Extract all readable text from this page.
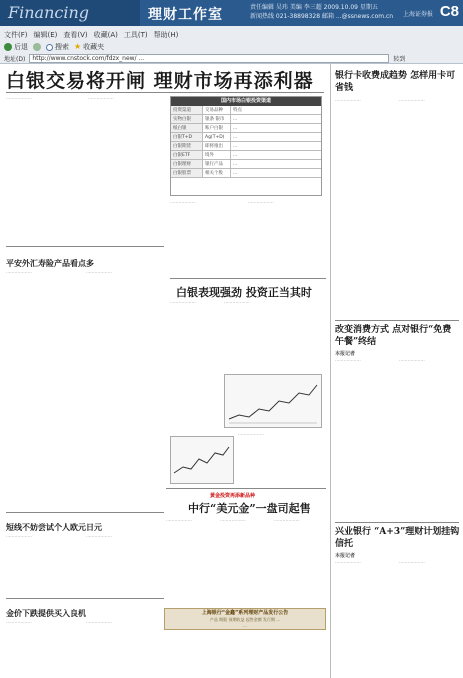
Financing	理财工作室	责任编辑 吴玮 美编 李三超 2009.10.09 星期五
新闻热线 021-38898328 邮箱 ...@ssnews.com.cn	上海证券报 C8
文件(F) 编辑(E) 查看(V) 收藏(A) 工具(T) 帮助(H)
后退	搜索 ★ 收藏夹
地址(D)	http://www.cnstock.com/fdzx_new/ ...	转到
白银交易将开闸 理财市场再添利器
………………	………………	国内市场白银投资渠道
投资渠道	交易品种	特点
实物白银	银条 银币	...
纸白银	账户白银	...
白银T+D	Ag(T+D)	...
白银期货	即将推出	...
白银ETF	境外	...
白银理财	银行产品	...
白银股票	相关个股	...
………………	………………
平安外汇寿险产品看点多
………………	………………
白银表现强劲 投资正当其时
………………	………………
短线不妨尝试个人欧元日元
………………	………………
金价下跌提供买入良机
………………	………………
………………
黄金投资再添新品种
中行“美元金”一盘司起售
………………	………………	………………
上海银行“金鑫”系列理财产品发行公告
产品 期限 预期收益 起售金额 发行期 ...
...
银行卡收费成趋势 怎样用卡可省钱
………………	………………
改变消费方式 点对银行“免费午餐”终结
本报记者
………………	………………
兴业银行 “A+3”理财计划挂钩信托
本报记者
………………	………………
